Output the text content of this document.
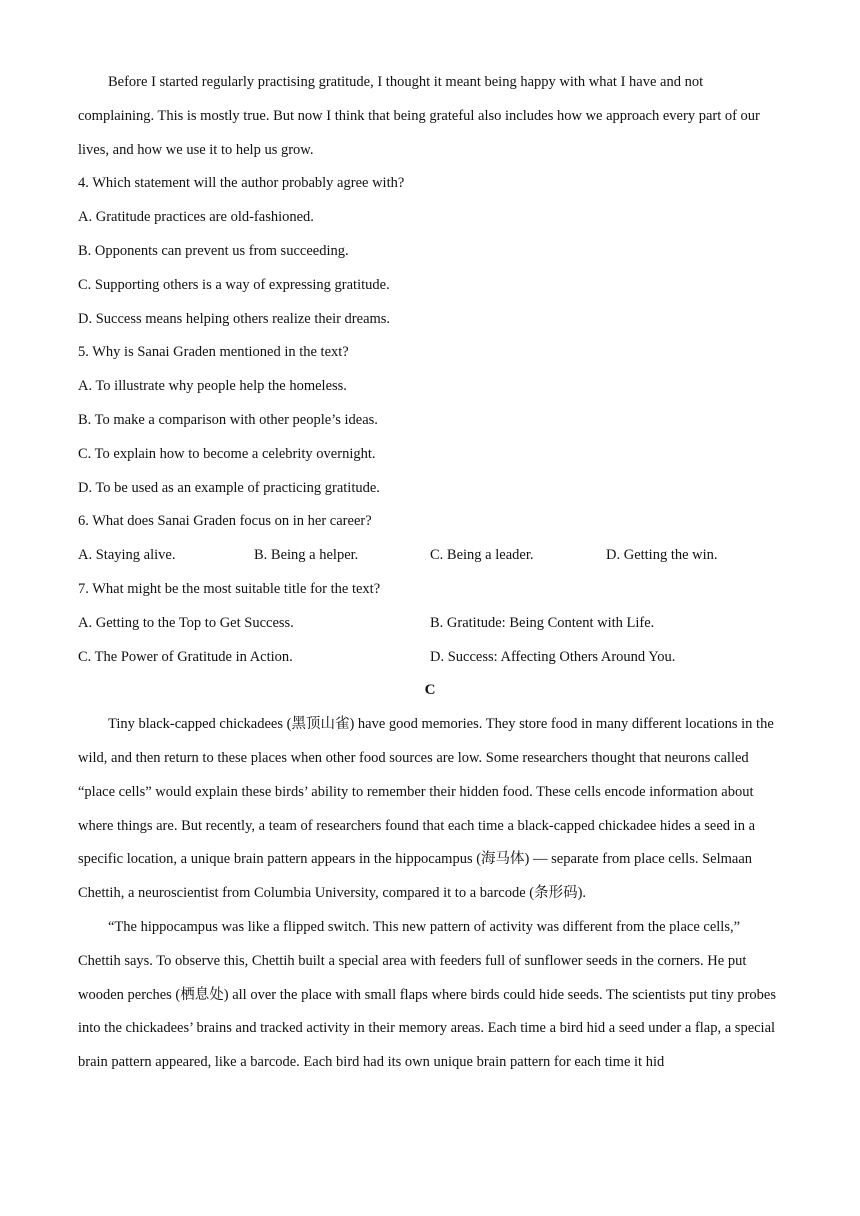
Before I started regularly practising gratitude, I thought it meant being happy with what I have and not complaining. This is mostly true. But now I think that being grateful also includes how we approach every part of our lives, and how we use it to help us grow.

4. Which statement will the author probably agree with?

A. Gratitude practices are old-fashioned.

B. Opponents can prevent us from succeeding.

C. Supporting others is a way of expressing gratitude.

D. Success means helping others realize their dreams.

5. Why is Sanai Graden mentioned in the text?

A. To illustrate why people help the homeless.

B. To make a comparison with other people’s ideas.

C. To explain how to become a celebrity overnight.

D. To be used as an example of practicing gratitude.

6. What does Sanai Graden focus on in her career?

A. Staying alive.	B. Being a helper.	C. Being a leader.	D. Getting the win.

7. What might be the most suitable title for the text?

A. Getting to the Top to Get Success.	B. Gratitude: Being Content with Life.
C. The Power of Gratitude in Action.	D. Success: Affecting Others Around You.

C

Tiny black-capped chickadees (黑顶山雀) have good memories. They store food in many different locations in the wild, and then return to these places when other food sources are low. Some researchers thought that neurons called “place cells” would explain these birds’ ability to remember their hidden food. These cells encode information about where things are. But recently, a team of researchers found that each time a black-capped chickadee hides a seed in a specific location, a unique brain pattern appears in the hippocampus (海马体) — separate from place cells. Selmaan Chettih, a neuroscientist from Columbia University, compared it to a barcode (条形码).

“The hippocampus was like a flipped switch. This new pattern of activity was different from the place cells,” Chettih says. To observe this, Chettih built a special area with feeders full of sunflower seeds in the corners. He put wooden perches (栖息处) all over the place with small flaps where birds could hide seeds. The scientists put tiny probes into the chickadees’ brains and tracked activity in their memory areas. Each time a bird hid a seed under a flap, a special brain pattern appeared, like a barcode. Each bird had its own unique brain pattern for each time it hid
